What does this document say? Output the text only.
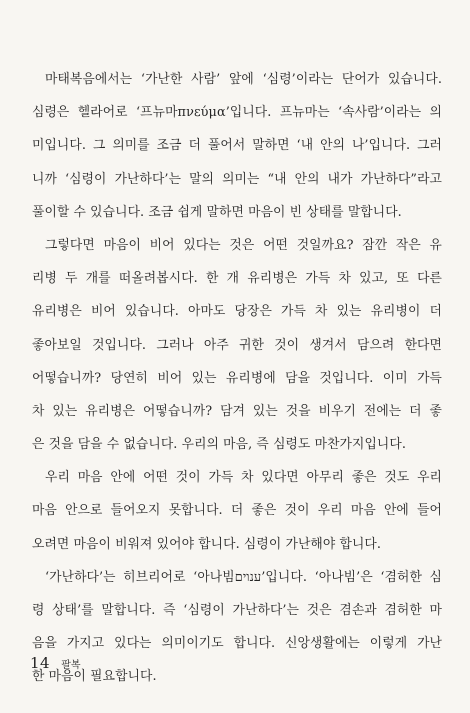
마태복음에서는 ‘가난한 사람’ 앞에 ‘심령’이라는 단어가 있습니다.
심령은 헬라어로 ‘프뉴마πνεύμα’입니다. 프뉴마는 ‘속사람’이라는 의
미입니다. 그 의미를 조금 더 풀어서 말하면 ‘내 안의 나’입니다. 그러
니까 ‘심령이 가난하다’는 말의 의미는 “내 안의 내가 가난하다”라고
풀이할 수 있습니다. 조금 쉽게 말하면 마음이 빈 상태를 말합니다.
그렇다면 마음이 비어 있다는 것은 어떤 것일까요? 잠깐 작은 유
리병 두 개를 떠올려봅시다. 한 개 유리병은 가득 차 있고, 또 다른
유리병은 비어 있습니다. 아마도 당장은 가득 차 있는 유리병이 더
좋아보일 것입니다. 그러나 아주 귀한 것이 생겨서 담으려 한다면
어떻습니까? 당연히 비어 있는 유리병에 담을 것입니다. 이미 가득
차 있는 유리병은 어떻습니까? 담겨 있는 것을 비우기 전에는 더 좋
은 것을 담을 수 없습니다. 우리의 마음, 즉 심령도 마찬가지입니다.
우리 마음 안에 어떤 것이 가득 차 있다면 아무리 좋은 것도 우리
마음 안으로 들어오지 못합니다. 더 좋은 것이 우리 마음 안에 들어
오려면 마음이 비워져 있어야 합니다. 심령이 가난해야 합니다.
‘가난하다’는 히브리어로 ‘아나빔ענוים’입니다. ‘아나빔’은 ‘겸허한 심
령 상태’를 말합니다. 즉 ‘심령이 가난하다’는 것은 겸손과 겸허한 마
음을 가지고 있다는 의미이기도 합니다. 신앙생활에는 이렇게 가난
한 마음이 필요합니다.
14 팔복
